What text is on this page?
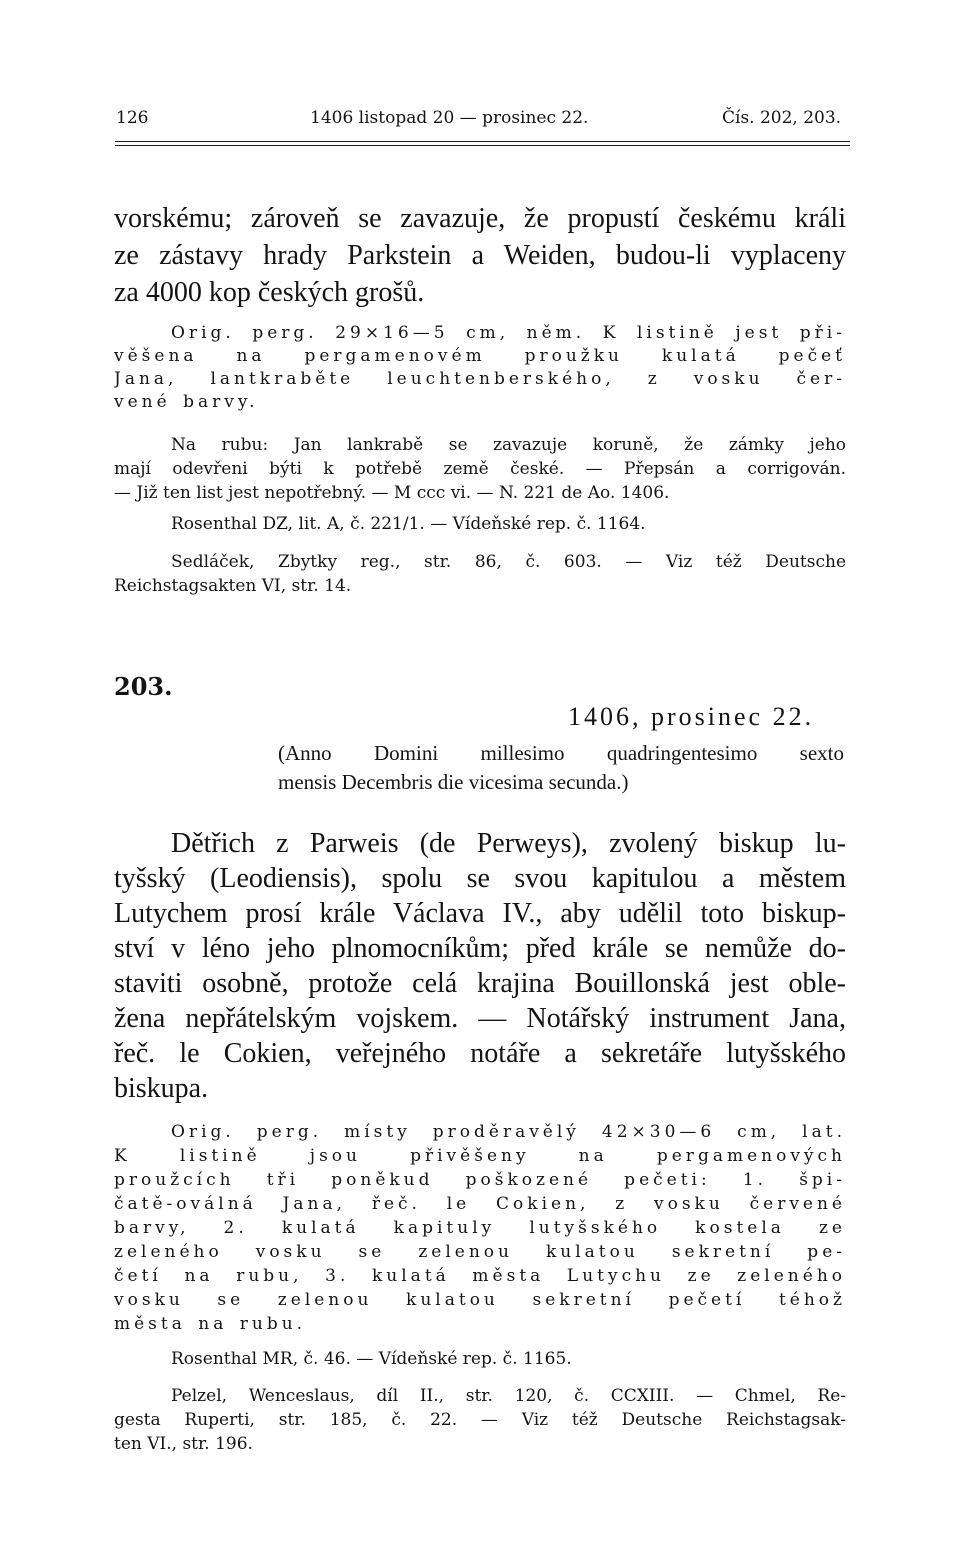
126	1406 listopad 20 — prosinec 22.	Čís. 202, 203.
vorskému; zároveň se zavazuje, že propustí českému králi
ze zástavy hrady Parkstein a Weiden, budou-li vyplaceny
za 4000 kop českých grošů.
Orig. perg. 29×16—5 cm, něm. K listině jest při-
věšena na pergamenovém proužku kulatá pečeť
Jana, lantkraběte leuchtenberského, z vosku čer-
vené barvy.
Na rubu: Jan lankrabě se zavazuje koruně, že zámky jeho
mají odevřeni býti k potřebě země české. — Přepsán a corrigován.
— Již ten list jest nepotřebný. — M ccc vi. — N. 221 de Ao. 1406.
Rosenthal DZ, lit. A, č. 221/1. — Vídeňské rep. č. 1164.
Sedláček, Zbytky reg., str. 86, č. 603. — Viz též Deutsche
Reichstagsakten VI, str. 14.
203.
1406, prosinec 22.
(Anno Domini millesimo quadringentesimo sexto
mensis Decembris die vicesima secunda.)
Dětřich z Parweis (de Perweys), zvolený biskup lu-
tyšský (Leodiensis), spolu se svou kapitulou a městem
Lutychem prosí krále Václava IV., aby udělil toto biskup-
ství v léno jeho plnomocníkům; před krále se nemůže do-
staviti osobně, protože celá krajina Bouillonská jest oble-
žena nepřátelským vojskem. — Notářský instrument Jana,
řeč. le Cokien, veřejného notáře a sekretáře lutyšského
biskupa.
Orig. perg. místy proděravělý 42×30—6 cm, lat.
K listině jsou přivěšeny na pergamenových
proužcích tři poněkud poškozené pečeti: 1. špi-
čatě-oválná Jana, řeč. le Cokien, z vosku červené
barvy, 2. kulatá kapituly lutyšského kostela ze
zeleného vosku se zelenou kulatou sekretní pe-
četí na rubu, 3. kulatá města Lutychu ze zeleného
vosku se zelenou kulatou sekretní pečetí téhož
města na rubu.
Rosenthal MR, č. 46. — Vídeňské rep. č. 1165.
Pelzel, Wenceslaus, díl II., str. 120, č. CCXIII. — Chmel, Re-
gesta Ruperti, str. 185, č. 22. — Viz též Deutsche Reichstagsak-
ten VI., str. 196.
